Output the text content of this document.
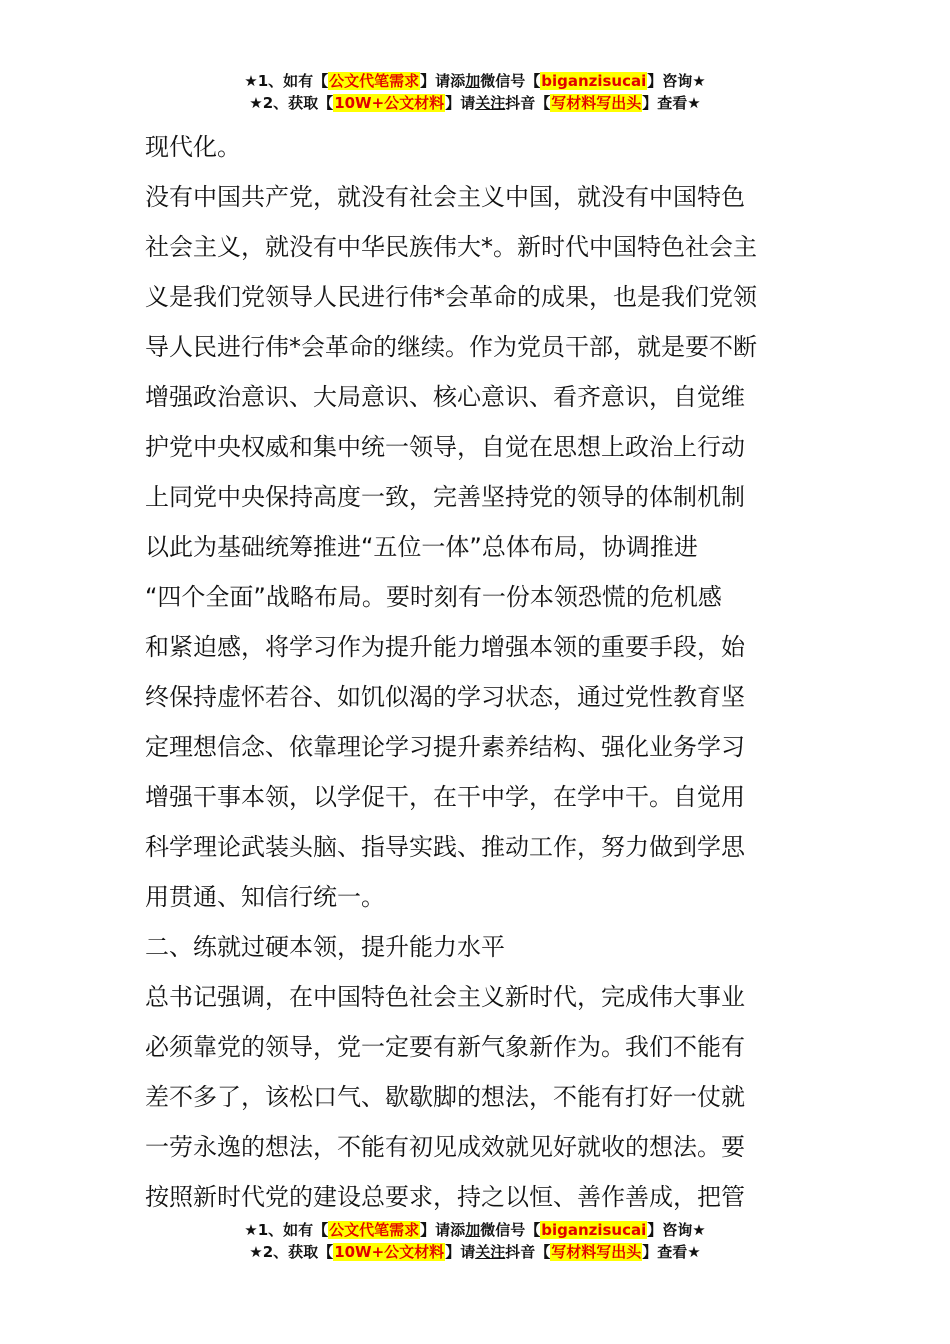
★1、如有【公文代笔需求】请添加微信号【biganzisucai】咨询★
★2、获取【10W+公文材料】请关注抖音【写材料写出头】查看★
现代化。
没有中国共产党，就没有社会主义中国，就没有中国特色
社会主义，就没有中华民族伟大*。新时代中国特色社会主
义是我们党领导人民进行伟*会革命的成果，也是我们党领
导人民进行伟*会革命的继续。作为党员干部，就是要不断
增强政治意识、大局意识、核心意识、看齐意识，自觉维
护党中央权威和集中统一领导，自觉在思想上政治上行动
上同党中央保持高度一致，完善坚持党的领导的体制机制
以此为基础统筹推进“五位一体”总体布局，协调推进
“四个全面”战略布局。要时刻有一份本领恐慌的危机感
和紧迫感，将学习作为提升能力增强本领的重要手段，始
终保持虚怀若谷、如饥似渴的学习状态，通过党性教育坚
定理想信念、依靠理论学习提升素养结构、强化业务学习
增强干事本领，以学促干，在干中学，在学中干。自觉用
科学理论武装头脑、指导实践、推动工作，努力做到学思
用贯通、知信行统一。
二、练就过硬本领，提升能力水平
总书记强调，在中国特色社会主义新时代，完成伟大事业
必须靠党的领导，党一定要有新气象新作为。我们不能有
差不多了，该松口气、歇歇脚的想法，不能有打好一仗就
一劳永逸的想法，不能有初见成效就见好就收的想法。要
按照新时代党的建设总要求，持之以恒、善作善成，把管
★1、如有【公文代笔需求】请添加微信号【biganzisucai】咨询★
★2、获取【10W+公文材料】请关注抖音【写材料写出头】查看★
